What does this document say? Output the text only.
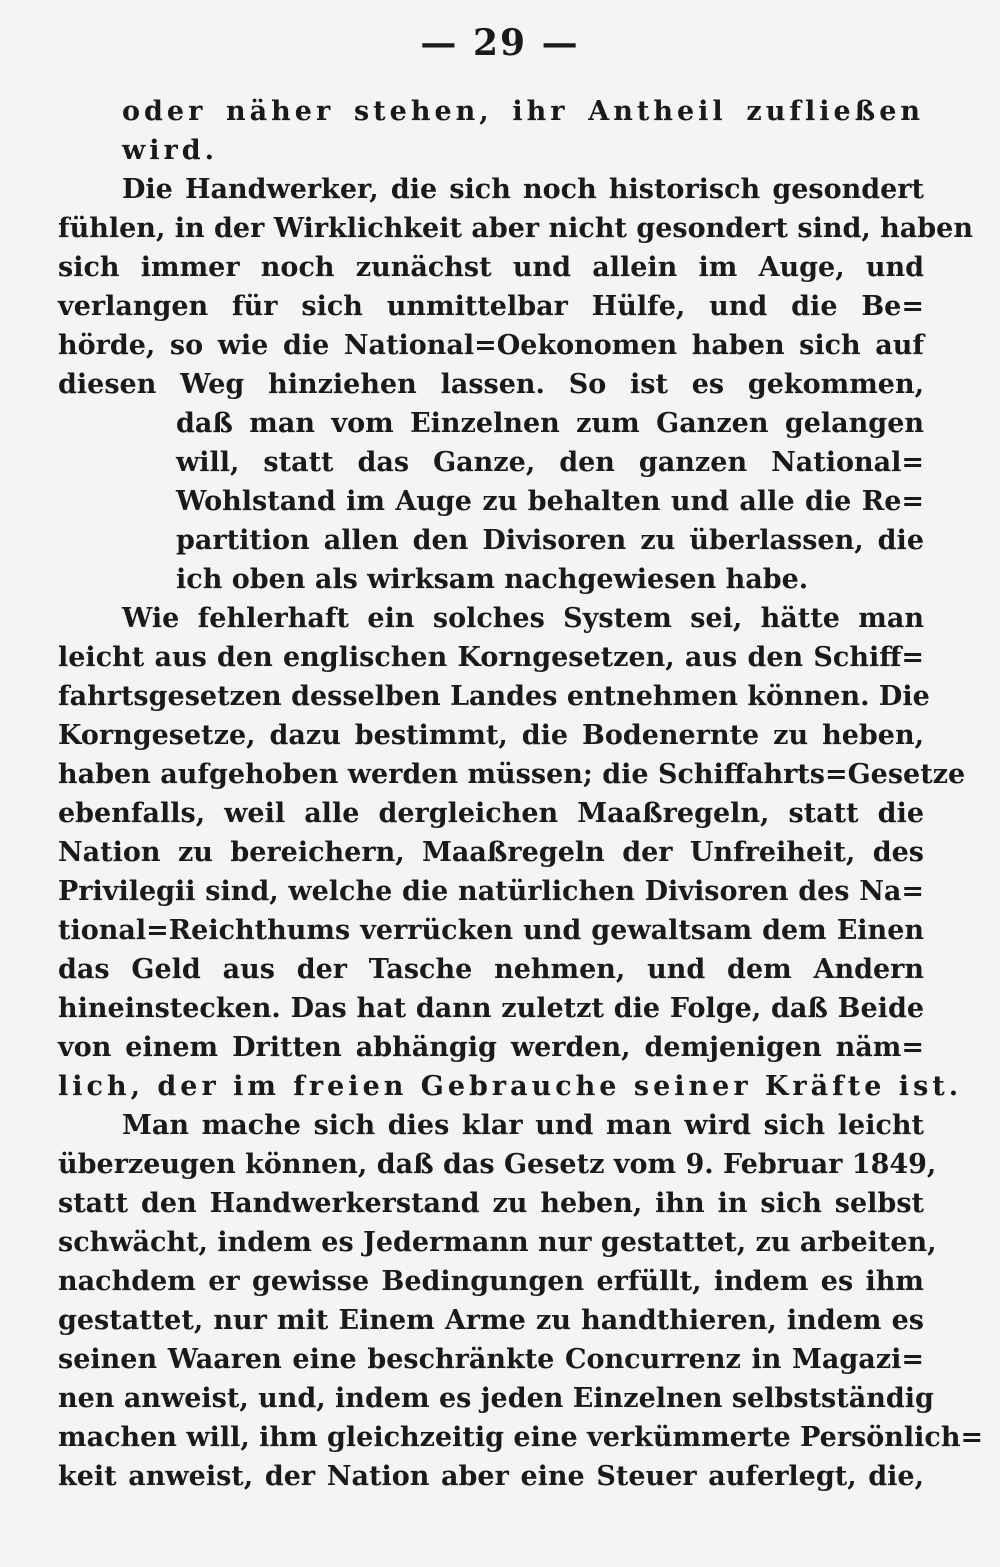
— 29 —
oder näher stehen, ihr Antheil zufließen
wird.
Die Handwerker, die sich noch historisch gesondert
fühlen, in der Wirklichkeit aber nicht gesondert sind, haben
sich immer noch zunächst und allein im Auge, und
verlangen für sich unmittelbar Hülfe, und die Be=
hörde, so wie die National=Oekonomen haben sich auf
diesen Weg hinziehen lassen. So ist es gekommen,
daß man vom Einzelnen zum Ganzen gelangen
will, statt das Ganze, den ganzen National=
Wohlstand im Auge zu behalten und alle die Re=
partition allen den Divisoren zu überlassen, die
ich oben als wirksam nachgewiesen habe.
Wie fehlerhaft ein solches System sei, hätte man
leicht aus den englischen Korngesetzen, aus den Schiff=
fahrtsgesetzen desselben Landes entnehmen können. Die
Korngesetze, dazu bestimmt, die Bodenernte zu heben,
haben aufgehoben werden müssen; die Schiffahrts=Gesetze
ebenfalls, weil alle dergleichen Maaßregeln, statt die
Nation zu bereichern, Maaßregeln der Unfreiheit, des
Privilegii sind, welche die natürlichen Divisoren des Na=
tional=Reichthums verrücken und gewaltsam dem Einen
das Geld aus der Tasche nehmen, und dem Andern
hineinstecken. Das hat dann zuletzt die Folge, daß Beide
von einem Dritten abhängig werden, demjenigen näm=
lich, der im freien Gebrauche seiner Kräfte ist.
Man mache sich dies klar und man wird sich leicht
überzeugen können, daß das Gesetz vom 9. Februar 1849,
statt den Handwerkerstand zu heben, ihn in sich selbst
schwächt, indem es Jedermann nur gestattet, zu arbeiten,
nachdem er gewisse Bedingungen erfüllt, indem es ihm
gestattet, nur mit Einem Arme zu handthieren, indem es
seinen Waaren eine beschränkte Concurrenz in Magazi=
nen anweist, und, indem es jeden Einzelnen selbstständig
machen will, ihm gleichzeitig eine verkümmerte Persönlich=
keit anweist, der Nation aber eine Steuer auferlegt, die,
